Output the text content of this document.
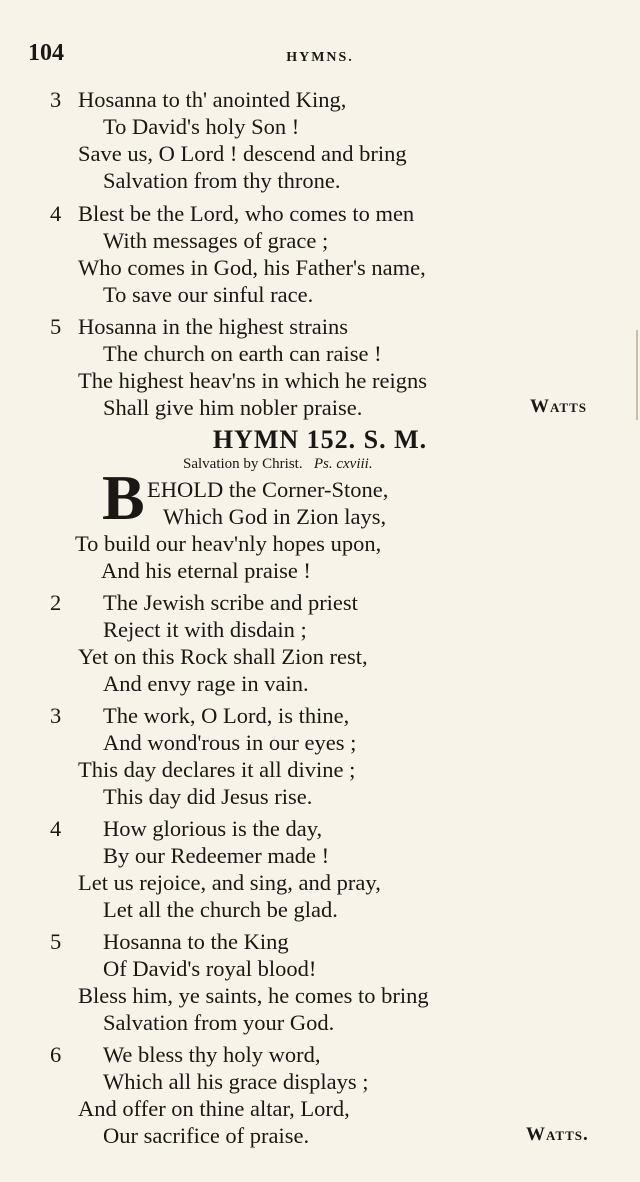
104	HYMNS.
3 Hosanna to th' anointed King,
To David's holy Son !
Save us, O Lord ! descend and bring
Salvation from thy throne.
4 Blest be the Lord, who comes to men
With messages of grace ;
Who comes in God, his Father's name,
To save our sinful race.
5 Hosanna in the highest strains
The church on earth can raise !
The highest heav'ns in which he reigns
Shall give him nobler praise.	Watts
HYMN 152. S. M.
Salvation by Christ. Ps. cxviii.
B EHOLD the Corner-Stone,
Which God in Zion lays,
To build our heav'nly hopes upon,
And his eternal praise !
2 The Jewish scribe and priest
Reject it with disdain ;
Yet on this Rock shall Zion rest,
And envy rage in vain.
3 The work, O Lord, is thine,
And wond'rous in our eyes ;
This day declares it all divine ;
This day did Jesus rise.
4 How glorious is the day,
By our Redeemer made !
Let us rejoice, and sing, and pray,
Let all the church be glad.
5 Hosanna to the King
Of David's royal blood!
Bless him, ye saints, he comes to bring
Salvation from your God.
6 We bless thy holy word,
Which all his grace displays ;
And offer on thine altar, Lord,
Our sacrifice of praise.	Watts.
